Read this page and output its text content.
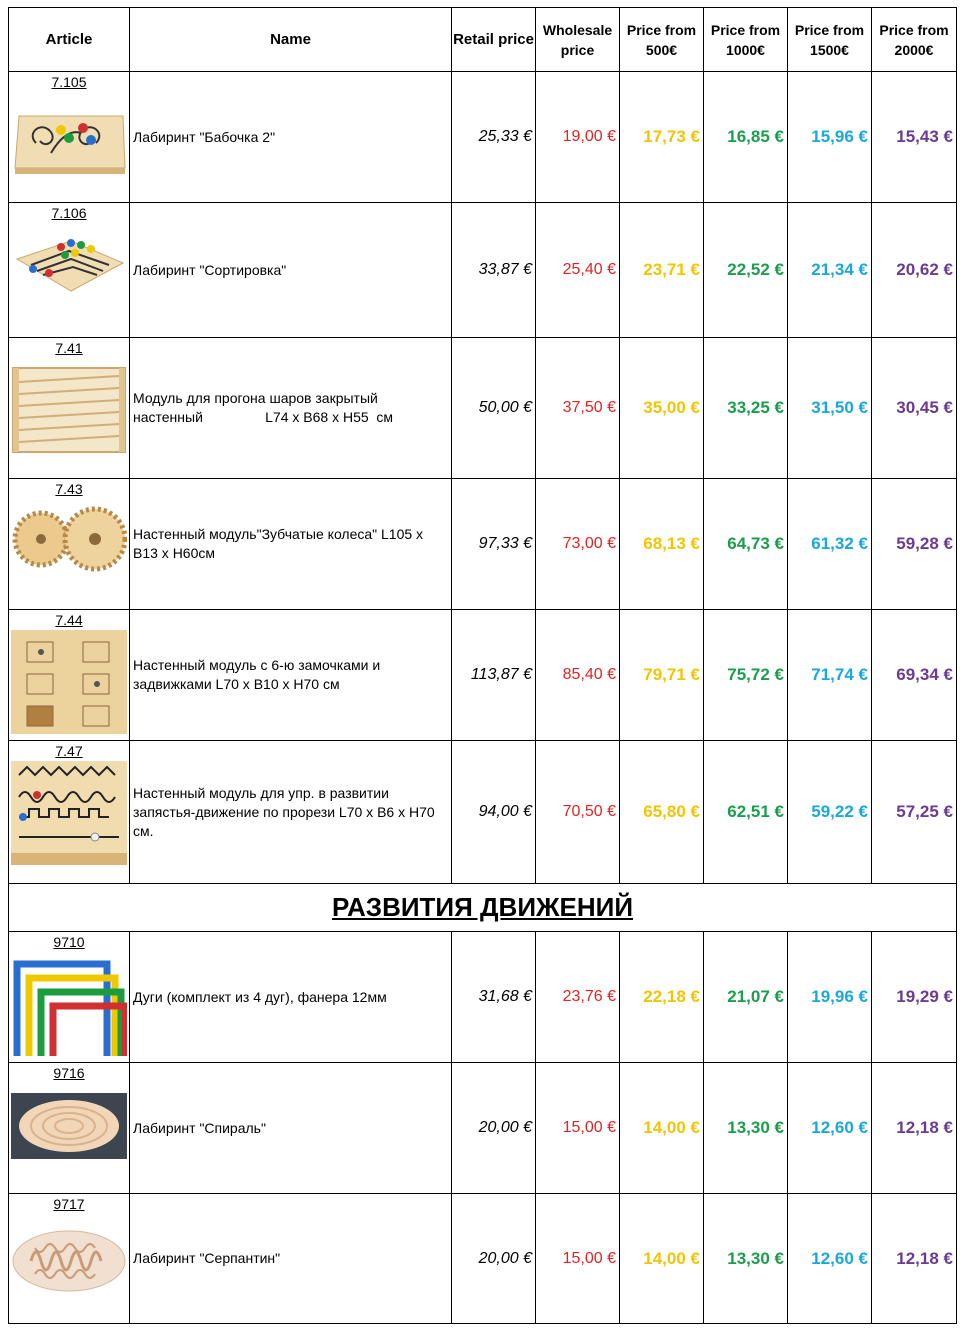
Article	Name	Retail price	Wholesale price	Price from 500€	Price from 1000€	Price from 1500€	Price from 2000€

7.105	Лабиринт "Бабочка 2"	25,33 €	19,00 €	17,73 €	16,85 €	15,96 €	15,43 €

7.106	Лабиринт "Сортировка"	33,87 €	25,40 €	23,71 €	22,52 €	21,34 €	20,62 €

7.41	Модуль для прогона шаров закрытый настенный                L74 x B68 x H55  см	50,00 €	37,50 €	35,00 €	33,25 €	31,50 €	30,45 €

7.43	Настенный модуль"Зубчатые колеса" L105 x B13 x H60см	97,33 €	73,00 €	68,13 €	64,73 €	61,32 €	59,28 €

7.44	Настенный модуль с 6-ю замочками и задвижками L70 x B10 x H70 см	113,87 €	85,40 €	79,71 €	75,72 €	71,74 €	69,34 €

7.47	Настенный модуль для упр. в развитии запястья-движение по прорези L70 x B6 x H70 см.	94,00 €	70,50 €	65,80 €	62,51 €	59,22 €	57,25 €
РАЗВИТИЯ ДВИЖЕНИЙ							

9710	Дуги (комплект из 4 дуг), фанера 12мм	31,68 €	23,76 €	22,18 €	21,07 €	19,96 €	19,29 €

9716	Лабиринт "Спираль"	20,00 €	15,00 €	14,00 €	13,30 €	12,60 €	12,18 €

9717	Лабиринт "Серпантин"	20,00 €	15,00 €	14,00 €	13,30 €	12,60 €	12,18 €
